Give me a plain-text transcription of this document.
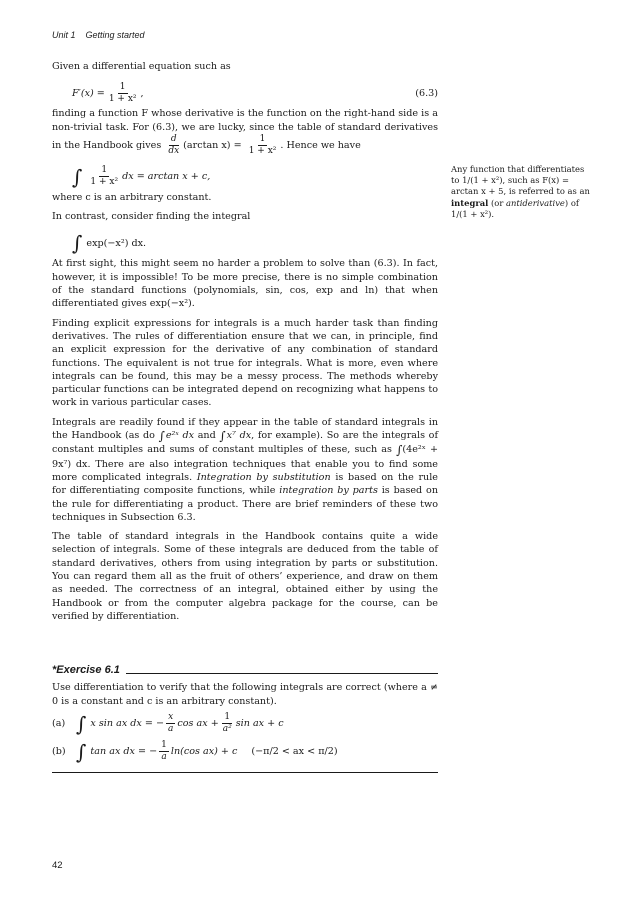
Unit 1 Getting started

Given a differential equation such as

$F'(x) = \frac{1}{\text{1 + x²}}$ ,	(6.3)

finding a function F whose derivative is the function on the right-hand side is a non-trivial task. For (6.3), we are lucky, since the table of standard derivatives in the Handbook gives $\frac{d}{dx} (\arctan$ $x) = \frac{1}{\text{1 + x²}}$ . Hence we have

∫ $\frac{1}{\text{1 + x²}}$ dx = arctan x + c,

where c is an arbitrary constant.

In contrast, consider finding the integral

∫ exp(−x²) dx.

At first sight, this might seem no harder a problem to solve than (6.3). In fact, however, it is impossible! To be more precise, there is no simple combination of the standard functions (polynomials, sin, cos, exp and ln) that when differentiated gives exp(−x²).

Finding explicit expressions for integrals is a much harder task than finding derivatives. The rules of differentiation ensure that we can, in principle, find an explicit expression for the derivative of any combination of standard functions. The equivalent is not true for integrals. What is more, even where integrals can be found, this may be a messy process. The methods whereby particular functions can be integrated depend on recognizing what happens to work in various particular cases.

Integrals are readily found if they appear in the table of standard integrals in the Handbook (as do ∫ e²ˣ dx and ∫ x⁷ dx, for example). So are the integrals of constant multiples and sums of constant multiples of these, such as ∫(4e²ˣ + 9x⁷) dx. There are also integration techniques that enable you to find some more complicated integrals. Integration by substitution is based on the rule for differentiating composite functions, while integration by parts is based on the rule for differentiating a product. There are brief reminders of these two techniques in Subsection 6.3.

The table of standard integrals in the Handbook contains quite a wide selection of integrals. Some of these integrals are deduced from the table of standard derivatives, others from using integration by parts or substitution. You can regard them all as the fruit of others’ experience, and draw on them as needed. The correctness of an integral, obtained either by using the Handbook or from the computer algebra package for the course, can be verified by differentiation.

Any function that differentiates to 1/(1 + x²), such as F(x) = arctan x + 5, is referred to as an integral (or antiderivative) of 1/(1 + x²).
*Exercise 6.1

Use differentiation to verify that the following integrals are correct (where a ≠ 0 is a constant and c is an arbitrary constant).

(a) ∫ x sin ax dx = − $\frac{x}{a}$ cos ax + $\frac{1}{\text{a²}}$ sin ax + c
(b) ∫ tan ax dx = − $\frac{1}{a} \ln(\cos$ ax) + c (−π/2 < ax < π/2)
42
